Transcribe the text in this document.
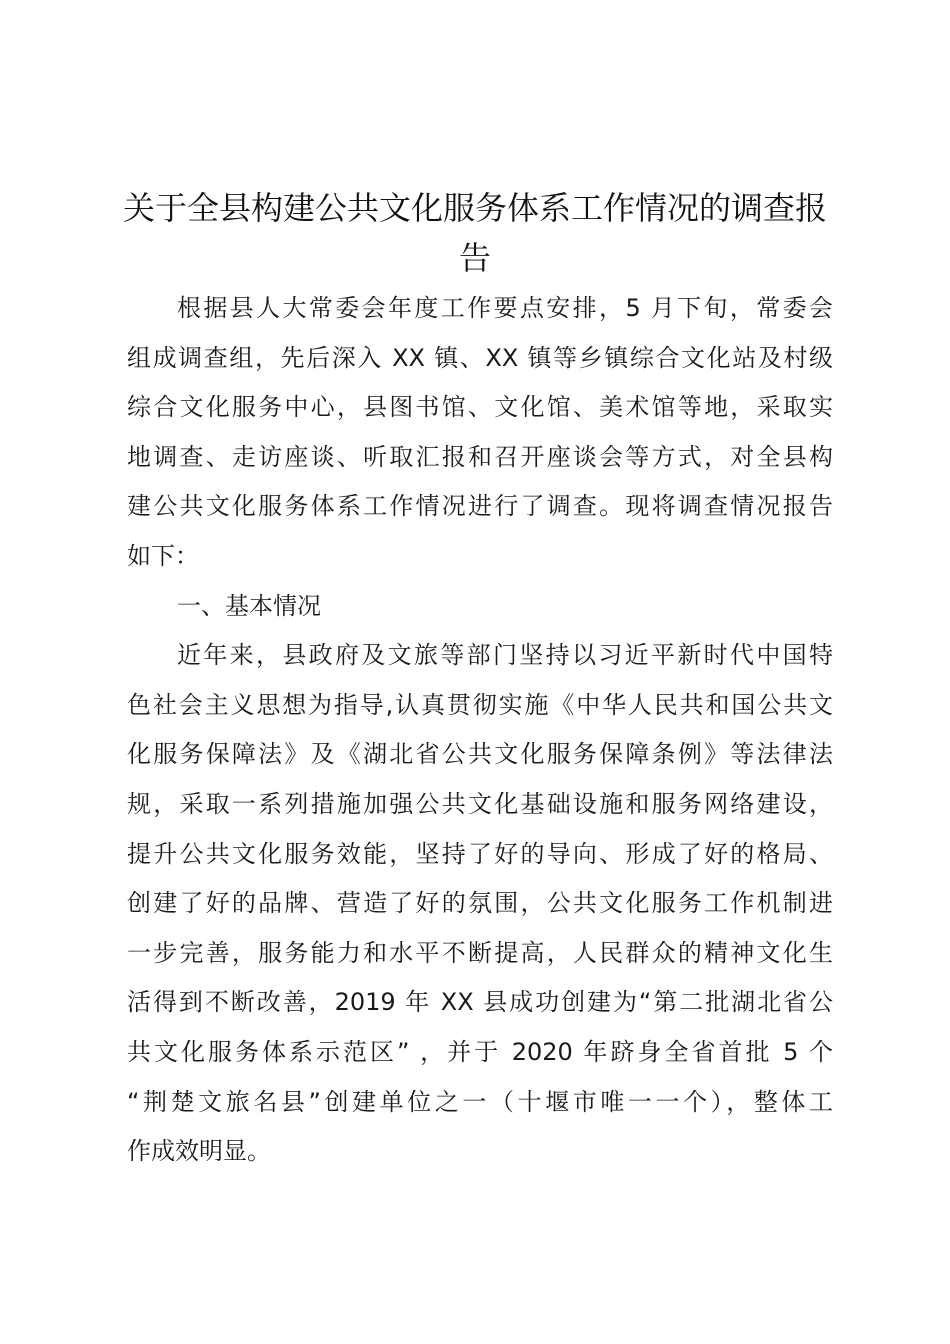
关于全县构建公共文化服务体系工作情况的调查报告
根据县人大常委会年度工作要点安排，5 月下旬，常委会
组成调查组，先后深入 XX 镇、XX 镇等乡镇综合文化站及村级
综合文化服务中心，县图书馆、文化馆、美术馆等地，采取实
地调查、走访座谈、听取汇报和召开座谈会等方式，对全县构
建公共文化服务体系工作情况进行了调查。现将调查情况报告
如下：
一、基本情况
近年来，县政府及文旅等部门坚持以习近平新时代中国特
色社会主义思想为指导,认真贯彻实施《中华人民共和国公共文
化服务保障法》及《湖北省公共文化服务保障条例》等法律法
规，采取一系列措施加强公共文化基础设施和服务网络建设，
提升公共文化服务效能，坚持了好的导向、形成了好的格局、
创建了好的品牌、营造了好的氛围，公共文化服务工作机制进
一步完善，服务能力和水平不断提高，人民群众的精神文化生
活得到不断改善，2019 年 XX 县成功创建为“第二批湖北省公
共文化服务体系示范区” ，并于 2020 年跻身全省首批 5 个
“荆楚文旅名县”创建单位之一（十堰市唯一一个），整体工
作成效明显。
